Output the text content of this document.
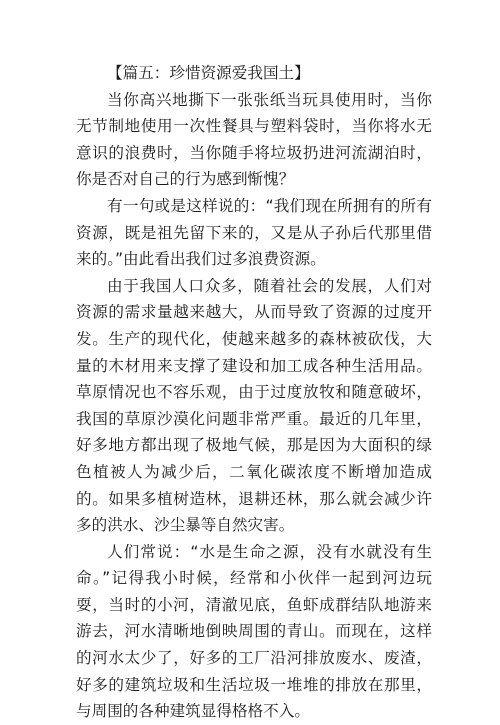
【篇五：珍惜资源爱我国土】

当你高兴地撕下一张张纸当玩具使用时，当你无节制地使用一次性餐具与塑料袋时，当你将水无意识的浪费时，当你随手将垃圾扔进河流湖泊时，你是否对自己的行为感到惭愧？

有一句或是这样说的：“我们现在所拥有的所有资源，既是祖先留下来的，又是从子孙后代那里借来的。”由此看出我们过多浪费资源。

由于我国人口众多，随着社会的发展，人们对资源的需求量越来越大，从而导致了资源的过度开发。生产的现代化，使越来越多的森林被砍伐，大量的木材用来支撑了建设和加工成各种生活用品。草原情况也不容乐观，由于过度放牧和随意破坏，我国的草原沙漠化问题非常严重。最近的几年里，好多地方都出现了极地气候，那是因为大面积的绿色植被人为减少后，二氧化碳浓度不断增加造成的。如果多植树造林，退耕还林，那么就会减少许多的洪水、沙尘暴等自然灾害。

人们常说：“水是生命之源，没有水就没有生命。”记得我小时候，经常和小伙伴一起到河边玩耍，当时的小河，清澈见底，鱼虾成群结队地游来游去，河水清晰地倒映周围的青山。而现在，这样的河水太少了，好多的工厂沿河排放废水、废渣，好多的建筑垃圾和生活垃圾一堆堆的排放在那里，与周围的各种建筑显得格格不入。
